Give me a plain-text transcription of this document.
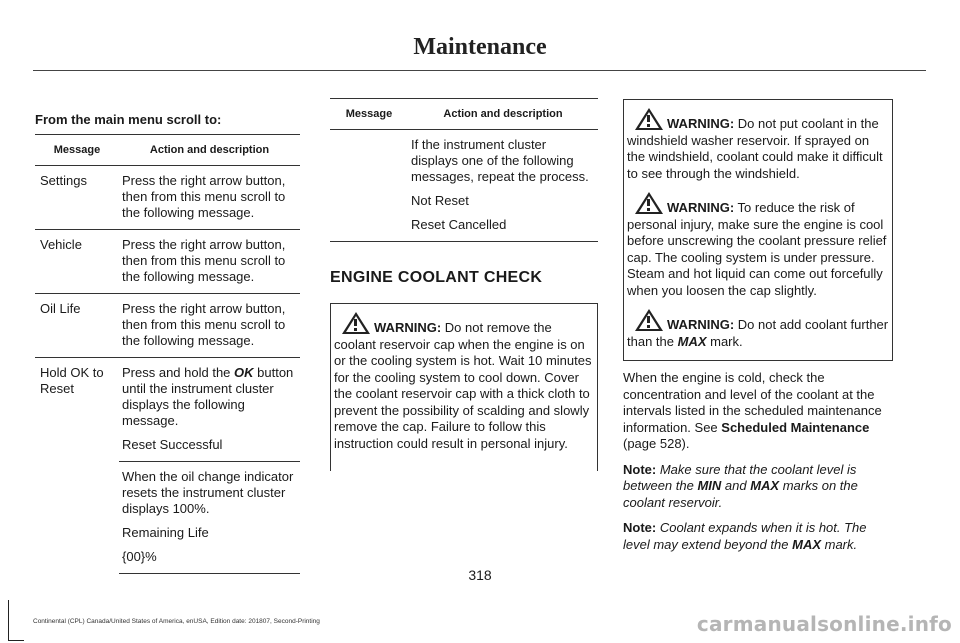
Maintenance
From the main menu scroll to:
Message	Action and description
Settings	Press the right arrow button, then from this menu scroll to the following message.
Vehicle	Press the right arrow button, then from this menu scroll to the following message.
Oil Life	Press the right arrow button, then from this menu scroll to the following message.
Hold OK to Reset	Press and hold the OK button until the instrument cluster displays the following message.
Reset Successful

	When the oil change indicator resets the instrument cluster displays 100%.
Remaining Life
{00}%
Message	Action and description

	If the instrument cluster displays one of the following messages, repeat the process.
Not Reset
Reset Cancelled
ENGINE COOLANT CHECK
WARNING: Do not remove the coolant reservoir cap when the engine is on or the cooling system is hot. Wait 10 minutes for the cooling system to cool down. Cover the coolant reservoir cap with a thick cloth to prevent the possibility of scalding and slowly remove the cap. Failure to follow this instruction could result in personal injury.
WARNING: Do not put coolant in the windshield washer reservoir. If sprayed on the windshield, coolant could make it difficult to see through the windshield.
WARNING: To reduce the risk of personal injury, make sure the engine is cool before unscrewing the coolant pressure relief cap. The cooling system is under pressure. Steam and hot liquid can come out forcefully when you loosen the cap slightly.
WARNING: Do not add coolant further than the MAX mark.

When the engine is cold, check the concentration and level of the coolant at the intervals listed in the scheduled maintenance information. See Scheduled Maintenance (page 528).

Note: Make sure that the coolant level is between the MIN and MAX marks on the coolant reservoir.

Note: Coolant expands when it is hot. The level may extend beyond the MAX mark.

318
Continental (CPL) Canada/United States of America, enUSA, Edition date: 201807, Second-Printing	carmanualsonline.info
